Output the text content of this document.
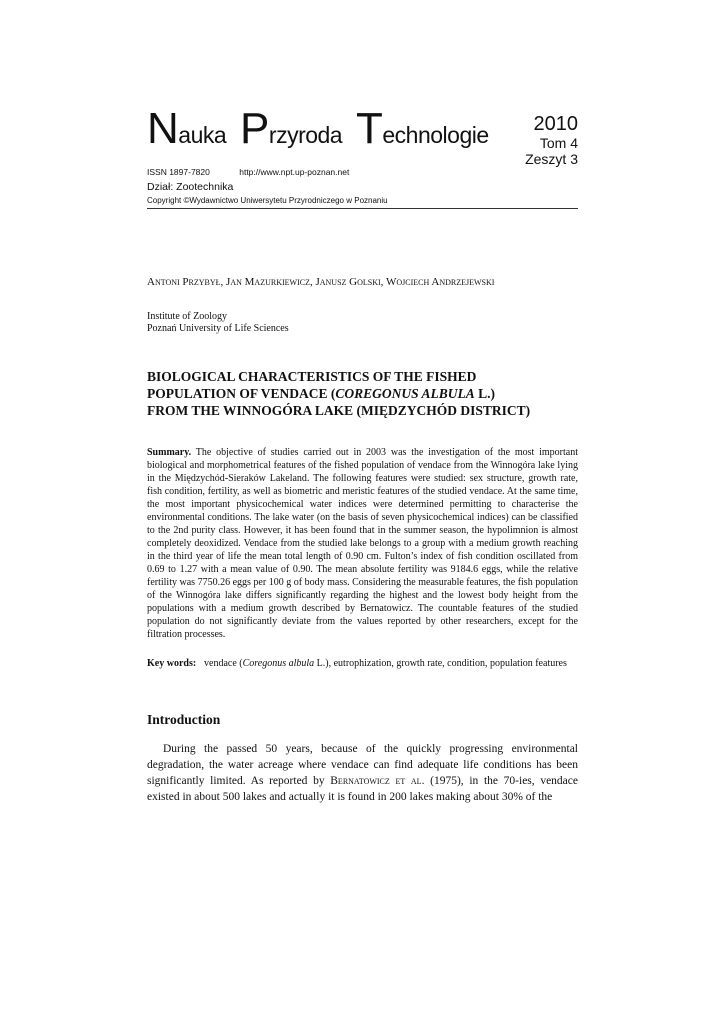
Nauka Przyroda Technologie	2010
Tom 4
Zeszyt 3
ISSN 1897-7820	http://www.npt.up-poznan.net
Dział: Zootechnika
Copyright ©Wydawnictwo Uniwersytetu Przyrodniczego w Poznaniu
Antoni Przybył, Jan Mazurkiewicz, Janusz Golski, Wojciech Andrzejewski
Institute of Zoology
Poznań University of Life Sciences
BIOLOGICAL CHARACTERISTICS OF THE FISHED
POPULATION OF VENDACE (COREGONUS ALBULA L.)
FROM THE WINNOGÓRA LAKE (MIĘDZYCHÓD DISTRICT)
Summary. The objective of studies carried out in 2003 was the investigation of the most important biological and morphometrical features of the fished population of vendace from the Winnogóra lake lying in the Międzychód-Sieraków Lakeland. The following features were studied: sex structure, growth rate, fish condition, fertility, as well as biometric and meristic features of the studied vendace. At the same time, the most important physicochemical water indices were determined permitting to characterise the environmental conditions. The lake water (on the basis of seven physicochemical indices) can be classified to the 2nd purity class. However, it has been found that in the summer season, the hypolimnion is almost completely deoxidized. Vendace from the studied lake belongs to a group with a medium growth reaching in the third year of life the mean total length of 0.90 cm. Fulton’s index of fish condition oscillated from 0.69 to 1.27 with a mean value of 0.90. The mean absolute fertility was 9184.6 eggs, while the relative fertility was 7750.26 eggs per 100 g of body mass. Considering the measurable features, the fish population of the Winnogóra lake differs significantly regarding the highest and the lowest body height from the populations with a medium growth described by Bernatowicz. The countable features of the studied population do not significantly deviate from the values reported by other researchers, except for the filtration processes.
Key words: vendace (Coregonus albula L.), eutrophization, growth rate, condition, population features
Introduction
During the passed 50 years, because of the quickly progressing environmental degradation, the water acreage where vendace can find adequate life conditions has been significantly limited. As reported by Bernatowicz et al. (1975), in the 70-ies, vendace existed in about 500 lakes and actually it is found in 200 lakes making about 30% of the
